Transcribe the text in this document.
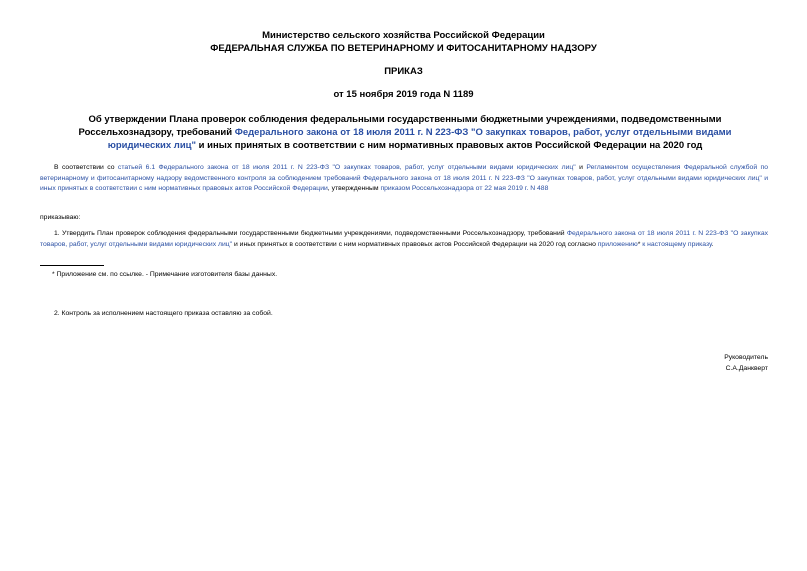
Министерство сельского хозяйства Российской Федерации
ФЕДЕРАЛЬНАЯ СЛУЖБА ПО ВЕТЕРИНАРНОМУ И ФИТОСАНИТАРНОМУ НАДЗОРУ
ПРИКАЗ
от 15 ноября 2019 года N 1189
Об утверждении Плана проверок соблюдения федеральными государственными бюджетными учреждениями, подведомственными Россельхознадзору, требований Федерального закона от 18 июля 2011 г. N 223-ФЗ "О закупках товаров, работ, услуг отдельными видами юридических лиц" и иных принятых в соответствии с ним нормативных правовых актов Российской Федерации на 2020 год
В соответствии со статьей 6.1 Федерального закона от 18 июля 2011 г. N 223-ФЗ "О закупках товаров, работ, услуг отдельными видами юридических лиц" и Регламентом осуществления Федеральной службой по ветеринарному и фитосанитарному надзору ведомственного контроля за соблюдением требований Федерального закона от 18 июля 2011 г. N 223-ФЗ "О закупках товаров, работ, услуг отдельными видами юридических лиц" и иных принятых в соответствии с ним нормативных правовых актов Российской Федерации, утвержденным приказом Россельхознадзора от 22 мая 2019 г. N 488
приказываю:
1. Утвердить План проверок соблюдения федеральными государственными бюджетными учреждениями, подведомственными Россельхознадзору, требований Федерального закона от 18 июля 2011 г. N 223-ФЗ "О закупках товаров, работ, услуг отдельными видами юридических лиц" и иных принятых в соответствии с ним нормативных правовых актов Российской Федерации на 2020 год согласно приложению* к настоящему приказу.
* Приложение см. по ссылке. - Примечание изготовителя базы данных.
2. Контроль за исполнением настоящего приказа оставляю за собой.
Руководитель
С.А.Данкверт
